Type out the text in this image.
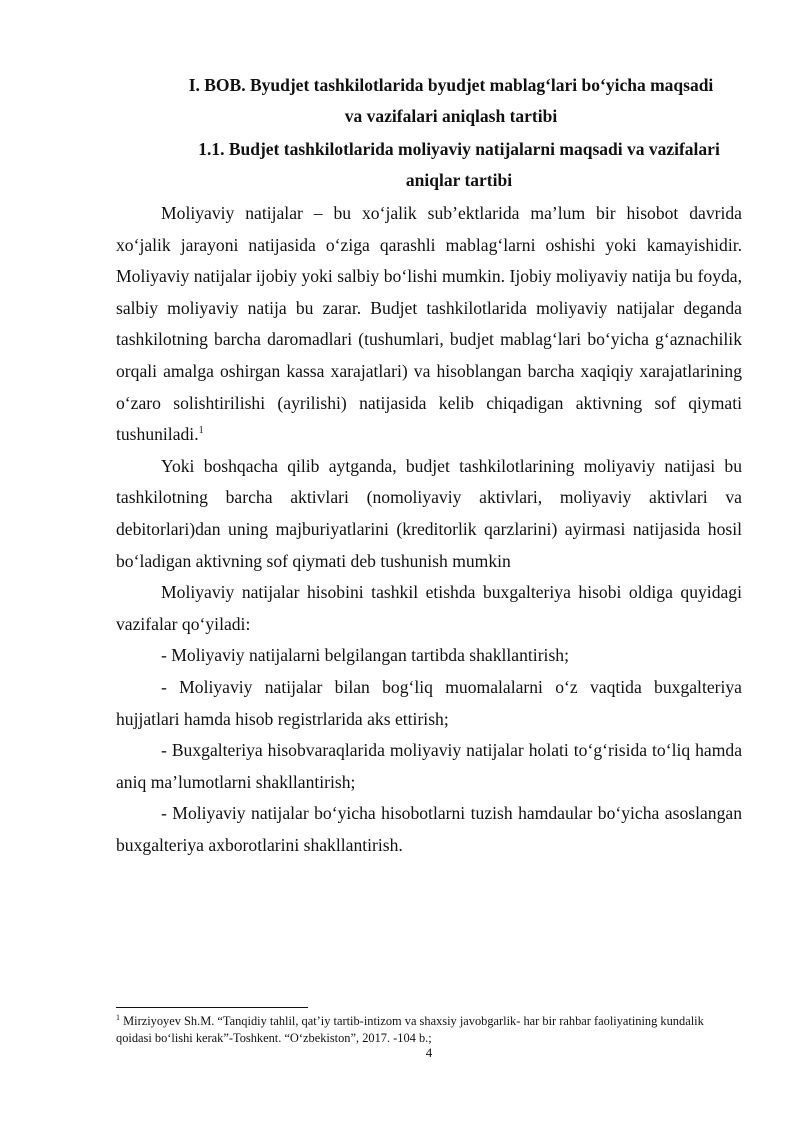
I. BOB. Byudjet tashkilotlarida byudjet mablag‘lari bo‘yicha maqsadi
va vazifalari aniqlash tartibi

1.1. Budjet tashkilotlarida moliyaviy natijalarni maqsadi va vazifalari
aniqlar tartibi

Moliyaviy natijalar – bu xo‘jalik sub’ektlarida ma’lum bir hisobot davrida xo‘jalik jarayoni natijasida o‘ziga qarashli mablag‘larni oshishi yoki kamayishidir. Moliyaviy natijalar ijobiy yoki salbiy bo‘lishi mumkin. Ijobiy moliyaviy natija bu foyda, salbiy moliyaviy natija bu zarar. Budjet tashkilotlarida moliyaviy natijalar deganda tashkilotning barcha daromadlari (tushumlari, budjet mablag‘lari bo‘yicha g‘aznachilik orqali amalga oshirgan kassa xarajatlari) va hisoblangan barcha xaqiqiy xarajatlarining o‘zaro solishtirilishi (ayrilishi) natijasida kelib chiqadigan aktivning sof qiymati tushuniladi.$^1$

Yoki boshqacha qilib aytganda, budjet tashkilotlarining moliyaviy natijasi bu tashkilotning barcha aktivlari (nomoliyaviy aktivlari, moliyaviy aktivlari va debitorlari)dan uning majburiyatlarini (kreditorlik qarzlarini) ayirmasi natijasida hosil bo‘ladigan aktivning sof qiymati deb tushunish mumkin

Moliyaviy natijalar hisobini tashkil etishda buxgalteriya hisobi oldiga quyidagi vazifalar qo‘yiladi:

- Moliyaviy natijalarni belgilangan tartibda shakllantirish;

- Moliyaviy natijalar bilan bog‘liq muomalalarni o‘z vaqtida buxgalteriya hujjatlari hamda hisob registrlarida aks ettirish;

- Buxgalteriya hisobvaraqlarida moliyaviy natijalar holati to‘g‘risida to‘liq hamda aniq ma’lumotlarni shakllantirish;

- Moliyaviy natijalar bo‘yicha hisobotlarni tuzish hamdaular bo‘yicha asoslangan buxgalteriya axborotlarini shakllantirish.

$^1$ Mirziyoyev Sh.M. “Tanqidiy tahlil, qat’iy tartib-intizom va shaxsiy javobgarlik- har bir rahbar faoliyatining kundalik qoidasi bo‘lishi kerak”-Toshkent. “O‘zbekiston”, 2017. -104 b.;

4
